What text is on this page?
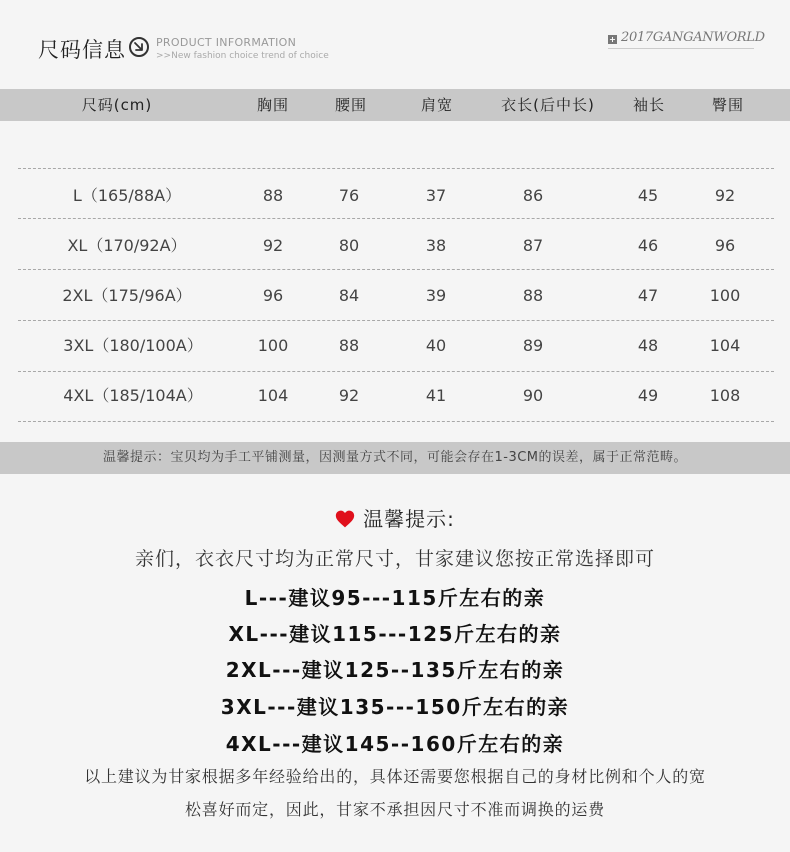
尺码信息	PRODUCT INFORMATION
>>New fashion choice trend of choice
+ 2017GANGANWORLD
尺码(cm)	胸围	腰围	肩宽	衣长(后中长)	袖长	臀围
L（165/88A）	88	76	37	86	45	92
XL（170/92A）	92	80	38	87	46	96
2XL（175/96A）	96	84	39	88	47	100
3XL（180/100A）	100	88	40	89	48	104
4XL（185/104A）	104	92	41	90	49	108
温馨提示：宝贝均为手工平铺测量，因测量方式不同，可能会存在1-3CM的误差，属于正常范畴。
温馨提示:
亲们，衣衣尺寸均为正常尺寸，甘家建议您按正常选择即可
L---建议95---115斤左右的亲
XL---建议115---125斤左右的亲
2XL---建议125--135斤左右的亲
3XL---建议135---150斤左右的亲
4XL---建议145--160斤左右的亲
以上建议为甘家根据多年经验给出的，具体还需要您根据自己的身材比例和个人的宽
松喜好而定，因此，甘家不承担因尺寸不准而调换的运费
